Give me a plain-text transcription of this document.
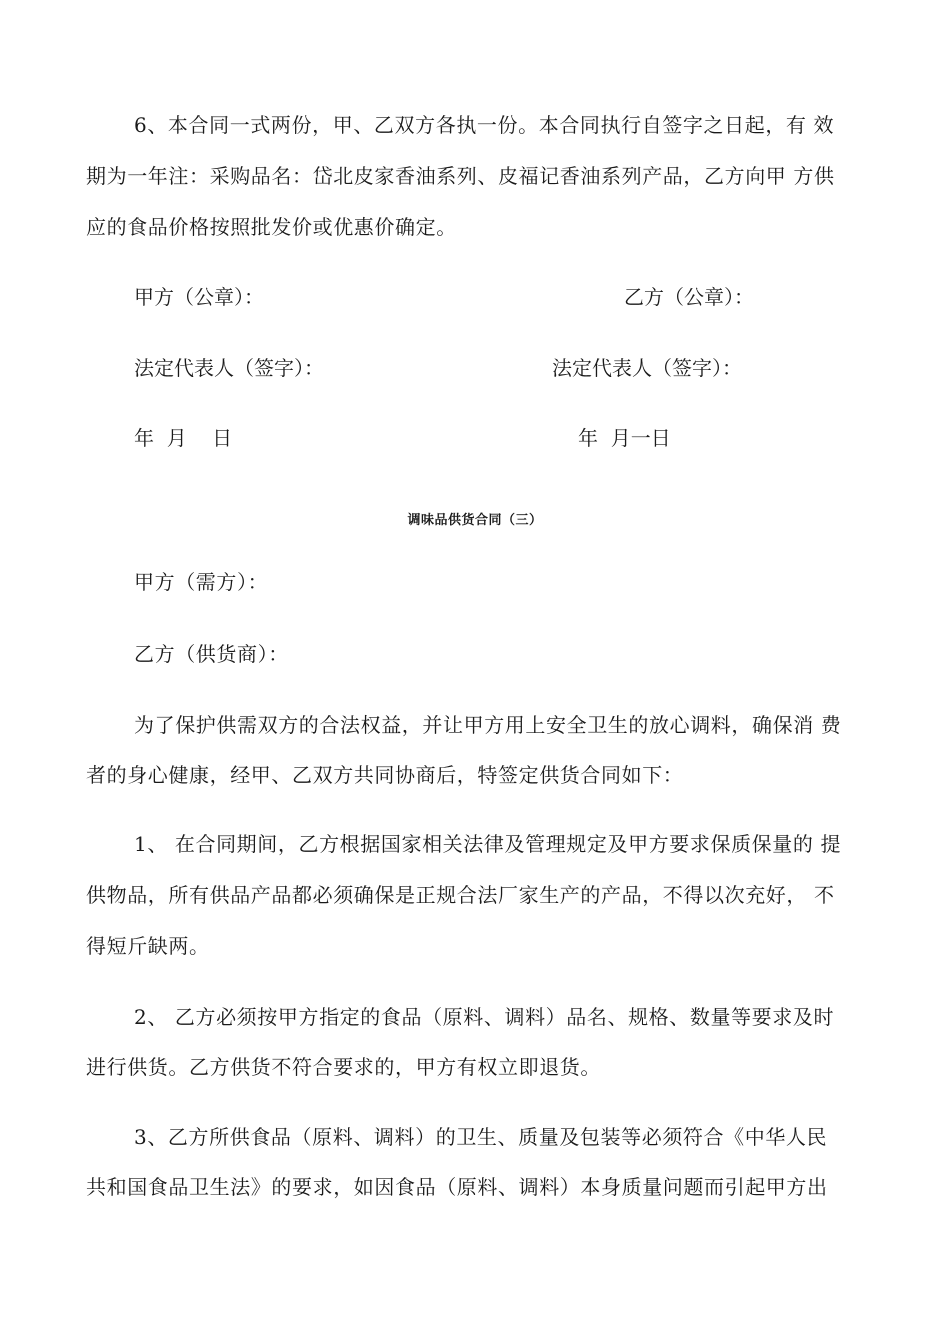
6、本合同一式两份，甲、乙双方各执一份。本合同执行自签字之日起，有 效
期为一年注：采购品名：岱北皮家香油系列、皮福记香油系列产品，乙方向甲 方供
应的食品价格按照批发价或优惠价确定。
甲方（公章）：	乙方（公章）：
法定代表人（签字）：	法定代表人（签字）：
年  月    日	年  月一日
调味品供货合同（三）
甲方（需方）：
乙方（供货商）：
为了保护供需双方的合法权益，并让甲方用上安全卫生的放心调料，确保消 费
者的身心健康，经甲、乙双方共同协商后，特签定供货合同如下：
1、 在合同期间，乙方根据国家相关法律及管理规定及甲方要求保质保量的 提
供物品，所有供品产品都必须确保是正规合法厂家生产的产品，不得以次充好， 不
得短斤缺两。
2、 乙方必须按甲方指定的食品（原料、调料）品名、规格、数量等要求及时
进行供货。乙方供货不符合要求的，甲方有权立即退货。
3、乙方所供食品（原料、调料）的卫生、质量及包装等必须符合《中华人民
共和国食品卫生法》的要求，如因食品（原料、调料）本身质量问题而引起甲方出
